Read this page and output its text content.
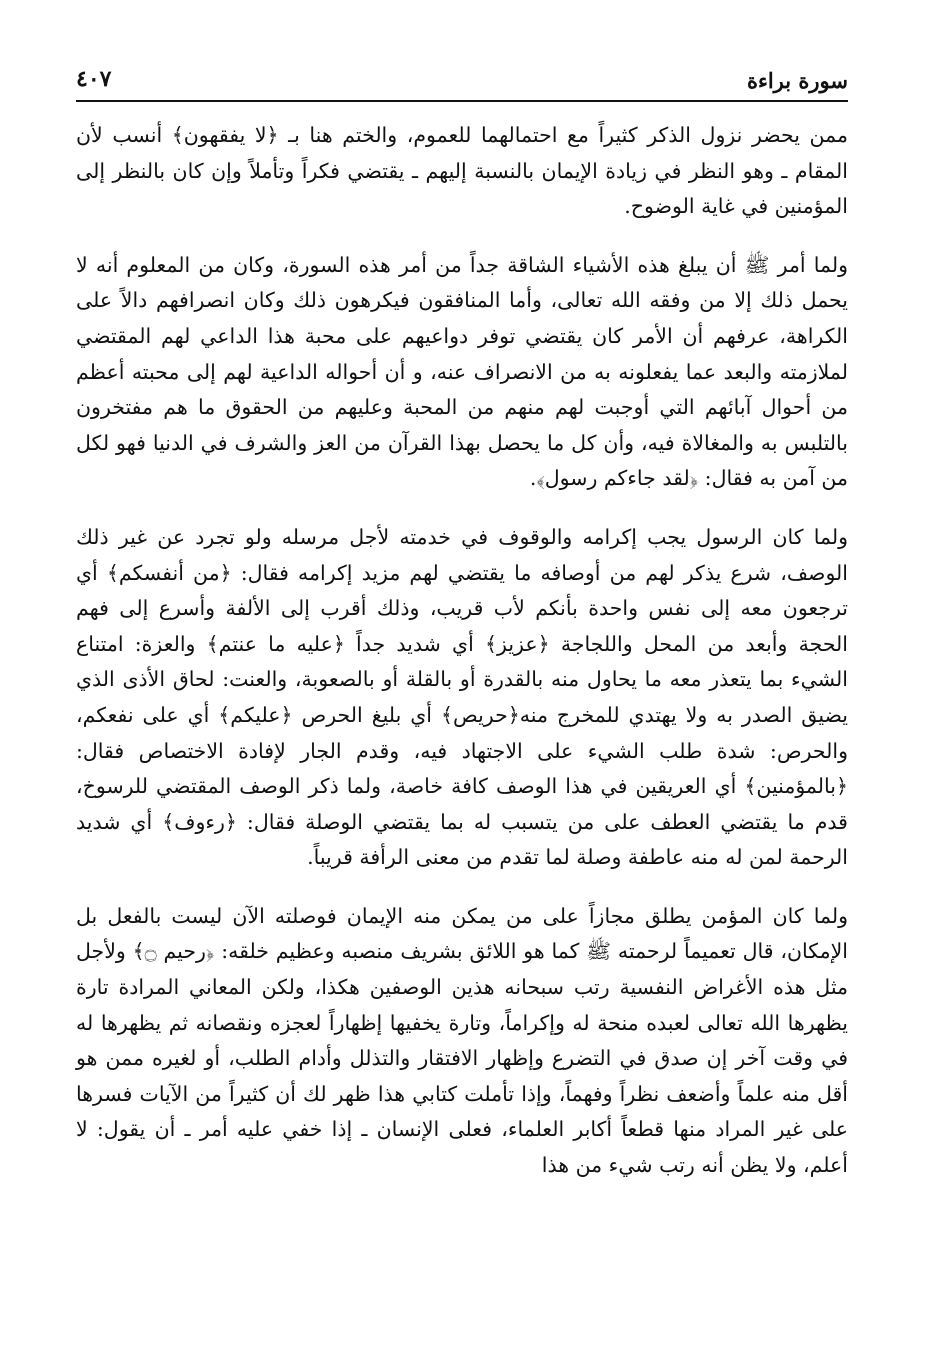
سورة براءة
٤٠٧

ممن يحضر نزول الذكر كثيراً مع احتمالهما للعموم، والختم هنا بـ ﴿لا يفقهون﴾ أنسب لأن المقام ـ وهو النظر في زيادة الإيمان بالنسبة إليهم ـ يقتضي فكراً وتأملاً وإن كان بالنظر إلى المؤمنين في غاية الوضوح.

ولما أمر ﷺ أن يبلغ هذه الأشياء الشاقة جداً من أمر هذه السورة، وكان من المعلوم أنه لا يحمل ذلك إلا من وفقه الله تعالى، وأما المنافقون فيكرهون ذلك وكان انصرافهم دالاً على الكراهة، عرفهم أن الأمر كان يقتضي توفر دواعيهم على محبة هذا الداعي لهم المقتضي لملازمته والبعد عما يفعلونه به من الانصراف عنه، و أن أحواله الداعية لهم إلى محبته أعظم من أحوال آبائهم التي أوجبت لهم منهم من المحبة وعليهم من الحقوق ما هم مفتخرون بالتلبس به والمغالاة فيه، وأن كل ما يحصل بهذا القرآن من العز والشرف في الدنيا فهو لكل من آمن به فقال: ﴿لقد جاءكم رسول﴾.

ولما كان الرسول يجب إكرامه والوقوف في خدمته لأجل مرسله ولو تجرد عن غير ذلك الوصف، شرع يذكر لهم من أوصافه ما يقتضي لهم مزيد إكرامه فقال: ﴿من أنفسكم﴾ أي ترجعون معه إلى نفس واحدة بأنكم لأب قريب، وذلك أقرب إلى الألفة وأسرع إلى فهم الحجة وأبعد من المحل واللجاجة ﴿عزيز﴾ أي شديد جداً ﴿عليه ما عنتم﴾ والعزة: امتناع الشيء بما يتعذر معه ما يحاول منه بالقدرة أو بالقلة أو بالصعوبة، والعنت: لحاق الأذى الذي يضيق الصدر به ولا يهتدي للمخرج منه﴿حريص﴾ أي بليغ الحرص ﴿عليكم﴾ أي على نفعكم، والحرص: شدة طلب الشيء على الاجتهاد فيه، وقدم الجار لإفادة الاختصاص فقال: ﴿بالمؤمنين﴾ أي العريقين في هذا الوصف كافة خاصة، ولما ذكر الوصف المقتضي للرسوخ، قدم ما يقتضي العطف على من يتسبب له بما يقتضي الوصلة فقال: ﴿رءوف﴾ أي شديد الرحمة لمن له منه عاطفة وصلة لما تقدم من معنى الرأفة قريباً.

ولما كان المؤمن يطلق مجازاً على من يمكن منه الإيمان فوصلته الآن ليست بالفعل بل الإمكان، قال تعميماً لرحمته ﷺ كما هو اللائق بشريف منصبه وعظيم خلقه: ﴿رحيم ۝﴾ ولأجل مثل هذه الأغراض النفسية رتب سبحانه هذين الوصفين هكذا، ولكن المعاني المرادة تارة يظهرها الله تعالى لعبده منحة له وإكراماً، وتارة يخفيها إظهاراً لعجزه ونقصانه ثم يظهرها له في وقت آخر إن صدق في التضرع وإظهار الافتقار والتذلل وأدام الطلب، أو لغيره ممن هو أقل منه علماً وأضعف نظراً وفهماً، وإذا تأملت كتابي هذا ظهر لك أن كثيراً من الآيات فسرها على غير المراد منها قطعاً أكابر العلماء، فعلى الإنسان ـ إذا خفي عليه أمر ـ أن يقول: لا أعلم، ولا يظن أنه رتب شيء من هذا
